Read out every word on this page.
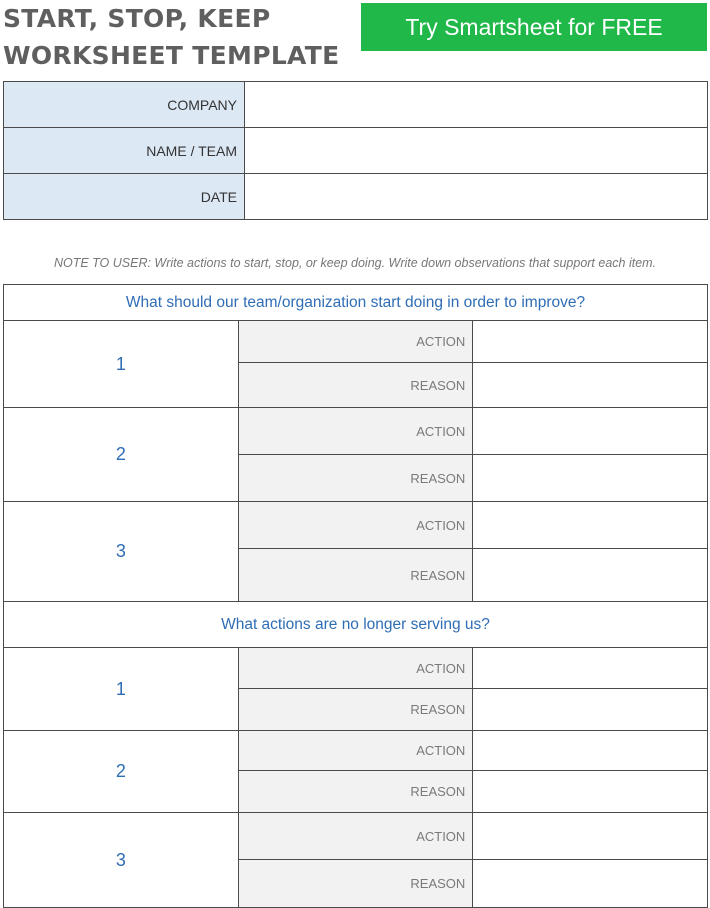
START, STOP, KEEP
WORKSHEET TEMPLATE
Try Smartsheet for FREE
COMPANY	
NAME / TEAM	
DATE	
NOTE TO USER: Write actions to start, stop, or keep doing. Write down observations that support each item.
What should our team/organization start doing in order to improve?		
1	ACTION	
	REASON	
2	ACTION	
	REASON	
3	ACTION	
	REASON	
What actions are no longer serving us?		
1	ACTION	
	REASON	
2	ACTION	
	REASON	
3	ACTION	
	REASON	
